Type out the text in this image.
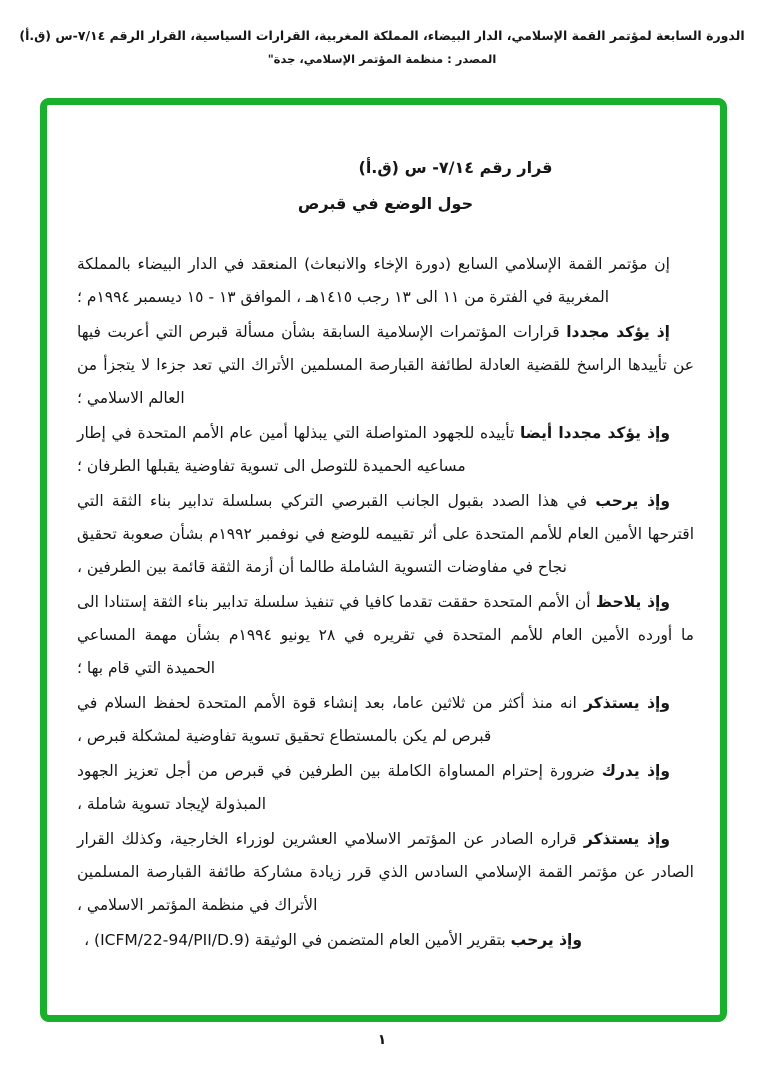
الدورة السابعة لمؤتمر القمة الإسلامي، الدار البيضاء، المملكة المغربية، القرارات السياسية، القرار الرقم ٧/١٤-س (ق.أ)
المصدر : منظمة المؤتمر الإسلامي، جدة"
قرار رقم ٧/١٤- س (ق.أ)
حول الوضع في قبرص

إن مؤتمر القمة الإسلامي السابع (دورة الإخاء والانبعاث) المنعقد في الدار البيضاء بالمملكة المغربية في الفترة من ١١ الى ١٣ رجب ١٤١٥هـ ، الموافق ١٣ - ١٥ ديسمبر ١٩٩٤م ؛

إذ يؤكد مجددا قرارات المؤتمرات الإسلامية السابقة بشأن مسألة قبرص التي أعربت فيها عن تأييدها الراسخ للقضية العادلة لطائفة القبارصة المسلمين الأتراك التي تعد جزءا لا يتجزأ من العالم الاسلامي ؛

وإذ يؤكد مجددا أيضا تأييده للجهود المتواصلة التي يبذلها أمين عام الأمم المتحدة في إطار مساعيه الحميدة للتوصل الى تسوية تفاوضية يقبلها الطرفان ؛

وإذ يرحب في هذا الصدد بقبول الجانب القبرصي التركي بسلسلة تدابير بناء الثقة التي اقترحها الأمين العام للأمم المتحدة على أثر تقييمه للوضع في نوفمبر ١٩٩٢م بشأن صعوبة تحقيق نجاح في مفاوضات التسوية الشاملة طالما أن أزمة الثقة قائمة بين الطرفين ،

وإذ يلاحظ أن الأمم المتحدة حققت تقدما كافيا في تنفيذ سلسلة تدابير بناء الثقة إستنادا الى ما أورده الأمين العام للأمم المتحدة في تقريره في ٢٨ يونيو ١٩٩٤م بشأن مهمة المساعي الحميدة التي قام بها ؛

وإذ يستذكر انه منذ أكثر من ثلاثين عاما، بعد إنشاء قوة الأمم المتحدة لحفظ السلام في قبرص لم يكن بالمستطاع تحقيق تسوية تفاوضية لمشكلة قبرص ،

وإذ يدرك ضرورة إحترام المساواة الكاملة بين الطرفين في قبرص من أجل تعزيز الجهود المبذولة لإيجاد تسوية شاملة ،

وإذ يستذكر قراره الصادر عن المؤتمر الاسلامي العشرين لوزراء الخارجية، وكذلك القرار الصادر عن مؤتمر القمة الإسلامي السادس الذي قرر زيادة مشاركة طائفة القبارصة المسلمين الأتراك في منظمة المؤتمر الاسلامي ،

وإذ يرحب بتقرير الأمين العام المتضمن في الوثيقة (ICFM/22-94/PII/D.9) ،

١
